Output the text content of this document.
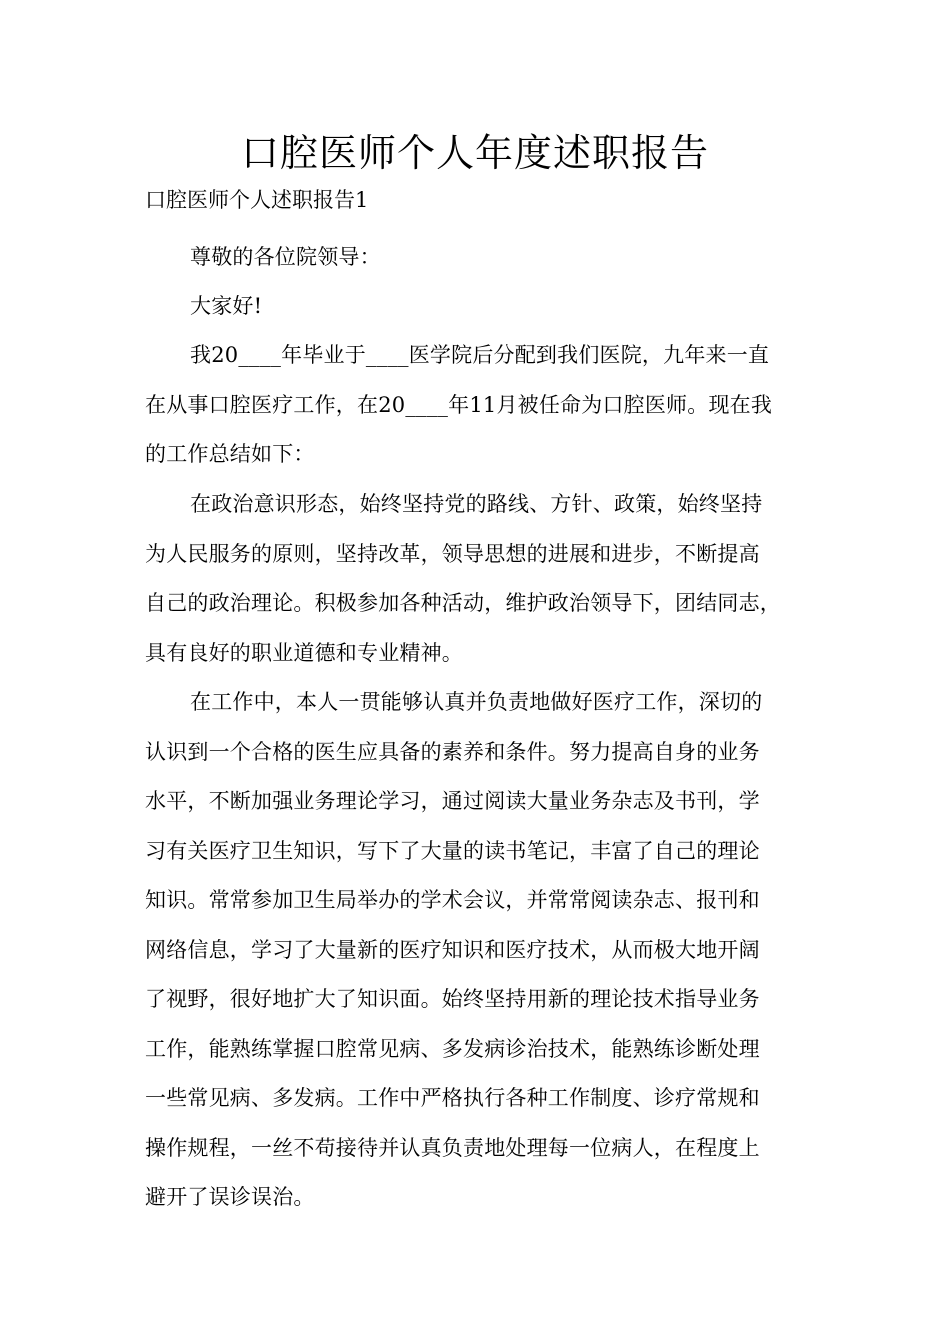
口腔医师个人年度述职报告

口腔医师个人述职报告1

尊敬的各位院领导：

大家好!

我20____年毕业于____医学院后分配到我们医院，九年来一直
在从事口腔医疗工作，在20____年11月被任命为口腔医师。现在我
的工作总结如下：
在政治意识形态，始终坚持党的路线、方针、政策，始终坚持
为人民服务的原则，坚持改革，领导思想的进展和进步，不断提高
自己的政治理论。积极参加各种活动，维护政治领导下，团结同志，
具有良好的职业道德和专业精神。
在工作中，本人一贯能够认真并负责地做好医疗工作，深切的
认识到一个合格的医生应具备的素养和条件。努力提高自身的业务
水平，不断加强业务理论学习，通过阅读大量业务杂志及书刊，学
习有关医疗卫生知识，写下了大量的读书笔记，丰富了自己的理论
知识。常常参加卫生局举办的学术会议，并常常阅读杂志、报刊和
网络信息，学习了大量新的医疗知识和医疗技术，从而极大地开阔
了视野，很好地扩大了知识面。始终坚持用新的理论技术指导业务
工作，能熟练掌握口腔常见病、多发病诊治技术，能熟练诊断处理
一些常见病、多发病。工作中严格执行各种工作制度、诊疗常规和
操作规程，一丝不苟接待并认真负责地处理每一位病人，在程度上
避开了误诊误治。
